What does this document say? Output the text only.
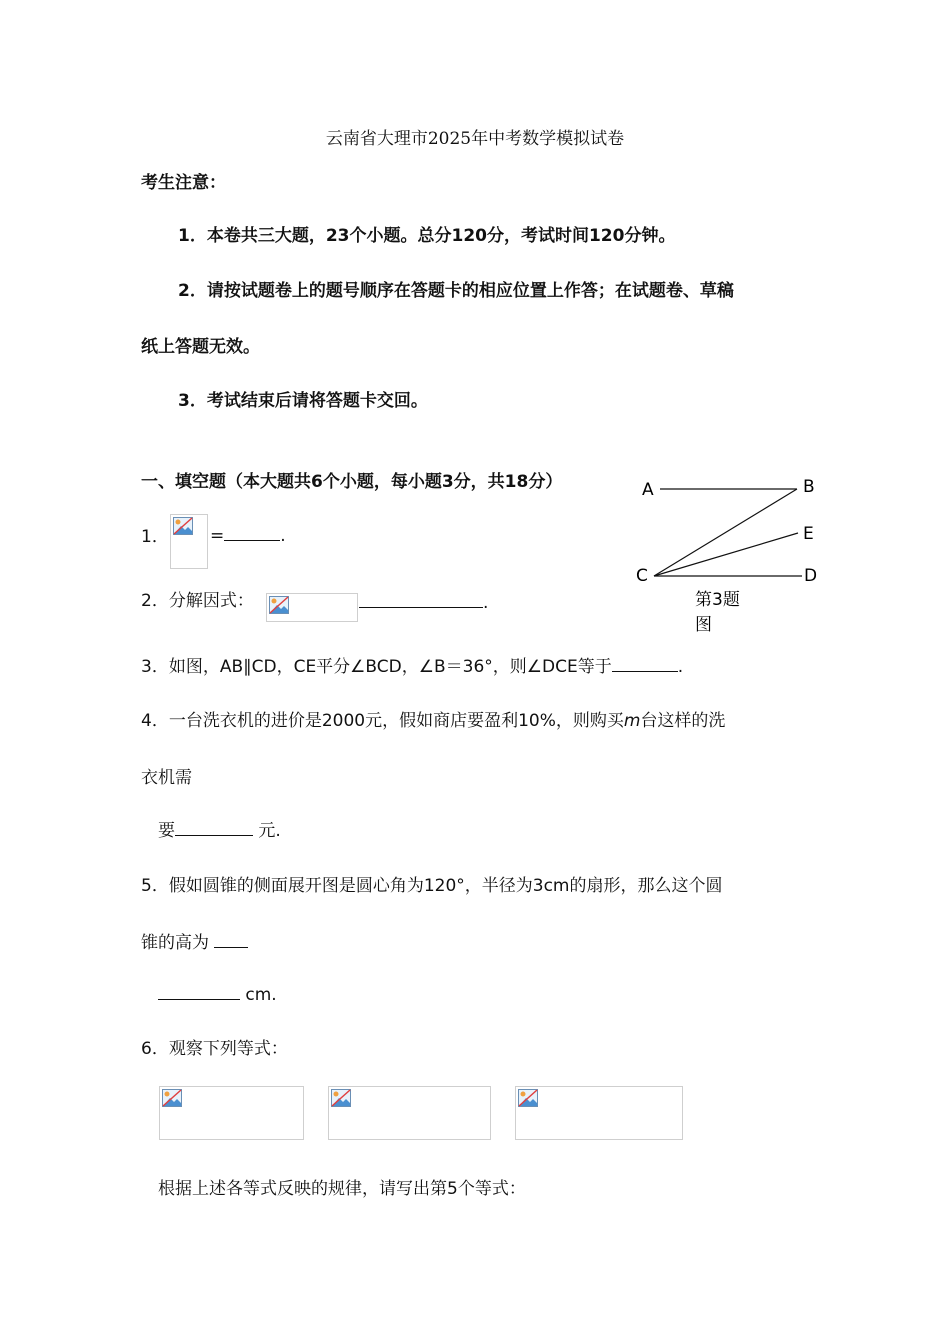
云南省大理市2025年中考数学模拟试卷
考生注意：
1．本卷共三大题，23个小题。总分120分，考试时间120分钟。
2．请按试题卷上的题号顺序在答题卡的相应位置上作答；在试题卷、草稿
纸上答题无效。
3．考试结束后请将答题卡交回。
一、填空题（本大题共6个小题，每小题3分，共18分）	A	B
E
C	D
第3题
图
1． =	.
2．分解因式：	.
3．如图，AB∥CD，CE平分∠BCD，∠B＝36°，则∠DCE等于	.
4．一台洗衣机的进价是2000元，假如商店要盈利10%，则购买m台这样的洗
衣机需
要	元.
5．假如圆锥的侧面展开图是圆心角为120°，半径为3cm的扇形，那么这个圆
锥的高为
cm.
6．观察下列等式：
根据上述各等式反映的规律，请写出第5个等式：
